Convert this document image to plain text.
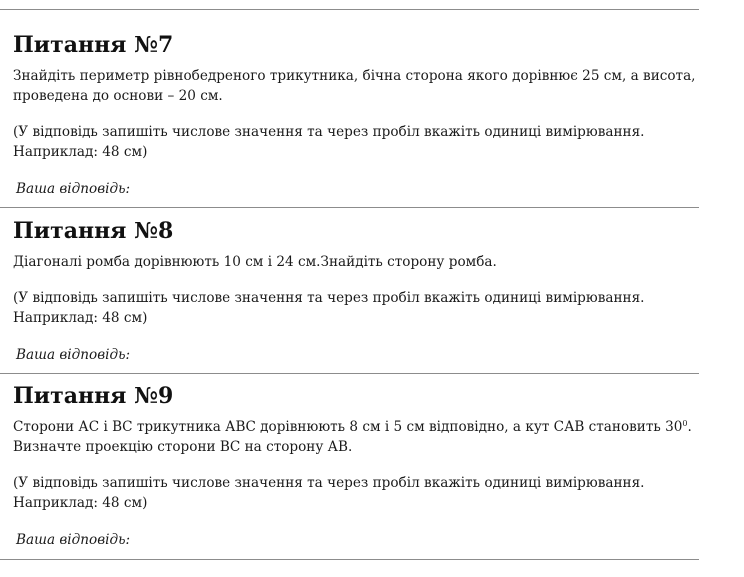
Питання №7
Знайдіть периметр рівнобедреного трикутника, бічна сторона якого дорівнює 25 см, а висота,
проведена до основи – 20 см.
(У відповідь запишіть числове значення та через пробіл вкажіть одиниці вимірювання.
Наприклад: 48 см)
Ваша відповідь:
Питання №8
Діагоналі ромба дорівнюють 10 см і 24 см.Знайдіть сторону ромба.
(У відповідь запишіть числове значення та через пробіл вкажіть одиниці вимірювання.
Наприклад: 48 см)
Ваша відповідь:
Питання №9
Сторони АС і ВС трикутника АВС дорівнюють 8 см і 5 см відповідно, а кут САВ становить $30^0$.
Визначте проекцію сторони ВС на сторону АВ.
(У відповідь запишіть числове значення та через пробіл вкажіть одиниці вимірювання.
Наприклад: 48 см)
Ваша відповідь:
